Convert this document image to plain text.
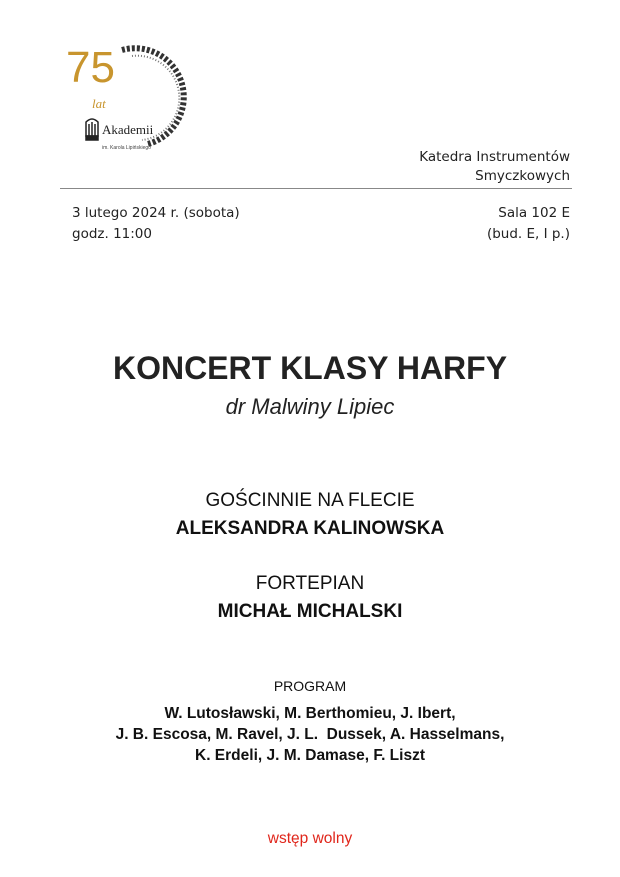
75
lat
Akademii
im. Karola Lipińskiego
Katedra Instrumentów
Smyczkowych
3 lutego 2024 r. (sobota)
godz. 11:00
Sala 102 E
(bud. E, I p.)
KONCERT KLASY HARFY
dr Malwiny Lipiec
GOŚCINNIE NA FLECIE
ALEKSANDRA KALINOWSKA
FORTEPIAN
MICHAŁ MICHALSKI
PROGRAM
W. Lutosławski, M. Berthomieu, J. Ibert,
J. B. Escosa, M. Ravel, J. L.  Dussek, A. Hasselmans,
K. Erdeli, J. M. Damase, F. Liszt
wstęp wolny
